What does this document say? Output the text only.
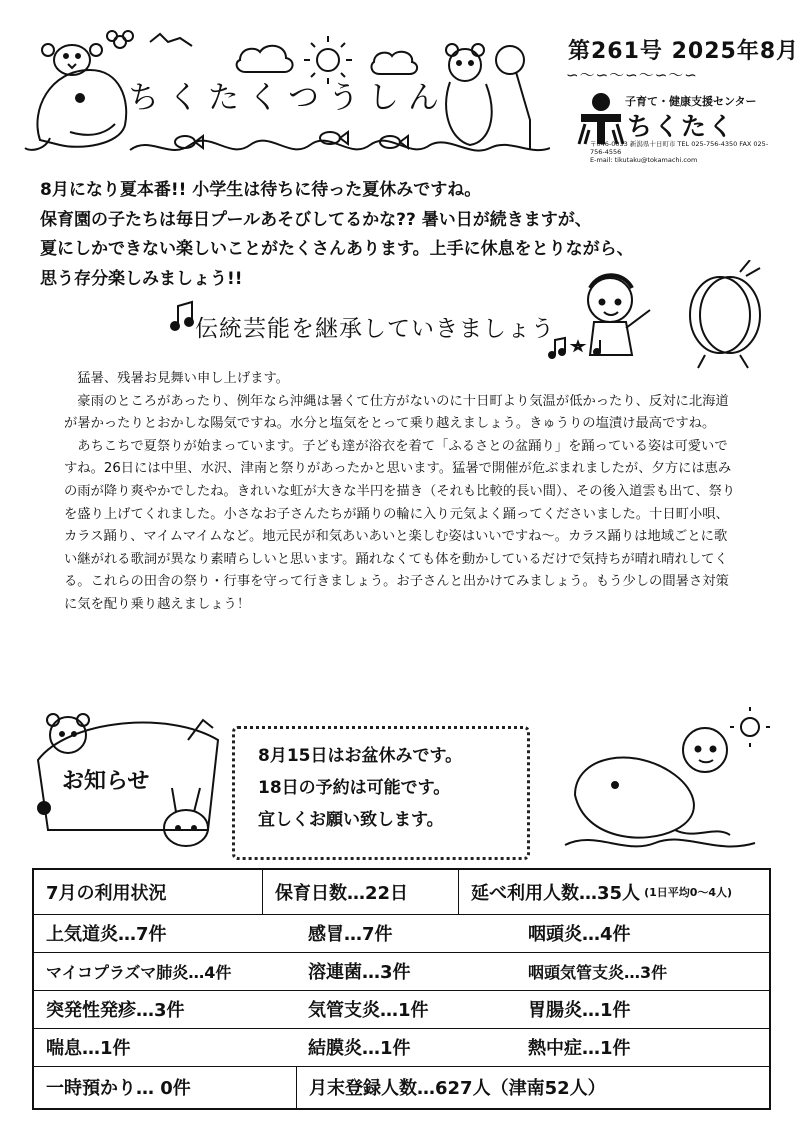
ちくたくつうしん
第261号 2025年8月
∽〜∽〜∽〜∽〜∽
子育て・健康支援センター
ちくたく
〒046-0033 新潟県十日町市 TEL 025-756-4350 FAX 025-756-4556
E-mail: tikutaku@tokamachi.com
8月になり夏本番!! 小学生は待ちに待った夏休みですね。
保育園の子たちは毎日プールあそびしてるかな?? 暑い日が続きますが、
夏にしかできない楽しいことがたくさんあります。上手に休息をとりながら、
思う存分楽しみましょう!!
伝統芸能を継承していきましょう

猛暑、残暑お見舞い申し上げます。

豪雨のところがあったり、例年なら沖縄は暑くて仕方がないのに十日町より気温が低かったり、反対に北海道が暑かったりとおかしな陽気ですね。水分と塩気をとって乗り越えましょう。きゅうりの塩漬け最高ですね。

あちこちで夏祭りが始まっています。子ども達が浴衣を着て「ふるさとの盆踊り」を踊っている姿は可愛いですね。26日には中里、水沢、津南と祭りがあったかと思います。猛暑で開催が危ぶまれましたが、夕方には恵みの雨が降り爽やかでしたね。きれいな虹が大きな半円を描き（それも比較的長い間）、その後入道雲も出て、祭りを盛り上げてくれました。小さなお子さんたちが踊りの輪に入り元気よく踊ってくださいました。十日町小唄、カラス踊り、マイムマイムなど。地元民が和気あいあいと楽しむ姿はいいですね〜。カラス踊りは地域ごとに歌い継がれる歌詞が異なり素晴らしいと思います。踊れなくても体を動かしているだけで気持ちが晴れ晴れしてくる。これらの田舎の祭り・行事を守って行きましょう。お子さんと出かけてみましょう。もう少しの間暑さ対策に気を配り乗り越えましょう！

お知らせ
8月15日はお盆休みです。
18日の予約は可能です。
宜しくお願い致します。
7月の利用状況	保育日数…22日	延べ利用人数…35人 (1日平均0〜4人)
上気道炎…7件	感冒…7件	咽頭炎…4件
マイコプラズマ肺炎…4件	溶連菌…3件	咽頭気管支炎…3件
突発性発疹…3件	気管支炎…1件	胃腸炎…1件
喘息…1件	結膜炎…1件	熱中症…1件
一時預かり… 0件	月末登録人数…627人（津南52人）
